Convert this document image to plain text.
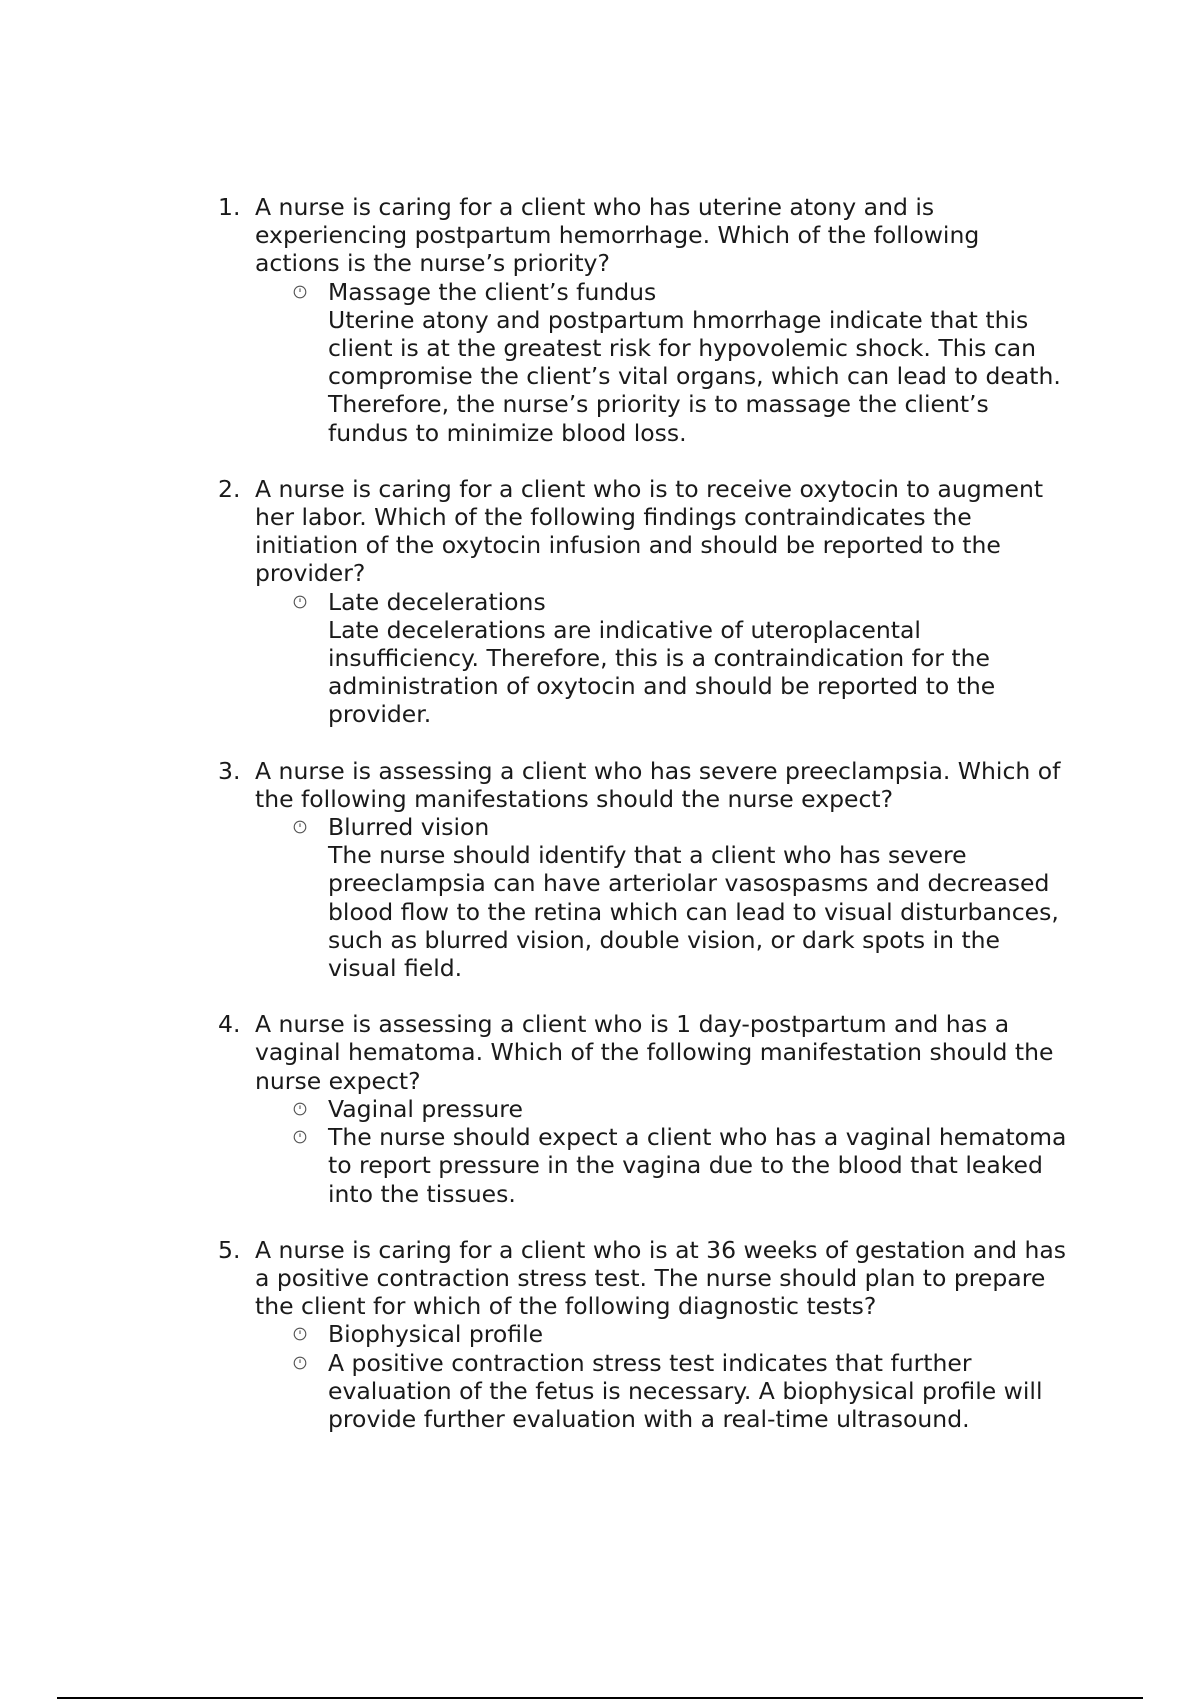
1. A nurse is caring for a client who has uterine atony and is experiencing postpartum hemorrhage. Which of the following actions is the nurse’s priority?
Massage the client’s fundus
Uterine atony and postpartum hmorrhage indicate that this client is at the greatest risk for hypovolemic shock. This can compromise the client’s vital organs, which can lead to death. Therefore, the nurse’s priority is to massage the client’s fundus to minimize blood loss.
2. A nurse is caring for a client who is to receive oxytocin to augment her labor. Which of the following findings contraindicates the initiation of the oxytocin infusion and should be reported to the provider?
Late decelerations
Late decelerations are indicative of uteroplacental insufficiency. Therefore, this is a contraindication for the administration of oxytocin and should be reported to the provider.
3. A nurse is assessing a client who has severe preeclampsia. Which of the following manifestations should the nurse expect?
Blurred vision
The nurse should identify that a client who has severe preeclampsia can have arteriolar vasospasms and decreased blood flow to the retina which can lead to visual disturbances, such as blurred vision, double vision, or dark spots in the visual field.
4. A nurse is assessing a client who is 1 day-postpartum and has a vaginal hematoma. Which of the following manifestation should the nurse expect?
Vaginal pressure
The nurse should expect a client who has a vaginal hematoma to report pressure in the vagina due to the blood that leaked into the tissues.
5. A nurse is caring for a client who is at 36 weeks of gestation and has a positive contraction stress test. The nurse should plan to prepare the client for which of the following diagnostic tests?
Biophysical profile
A positive contraction stress test indicates that further evaluation of the fetus is necessary. A biophysical profile will provide further evaluation with a real-time ultrasound.
